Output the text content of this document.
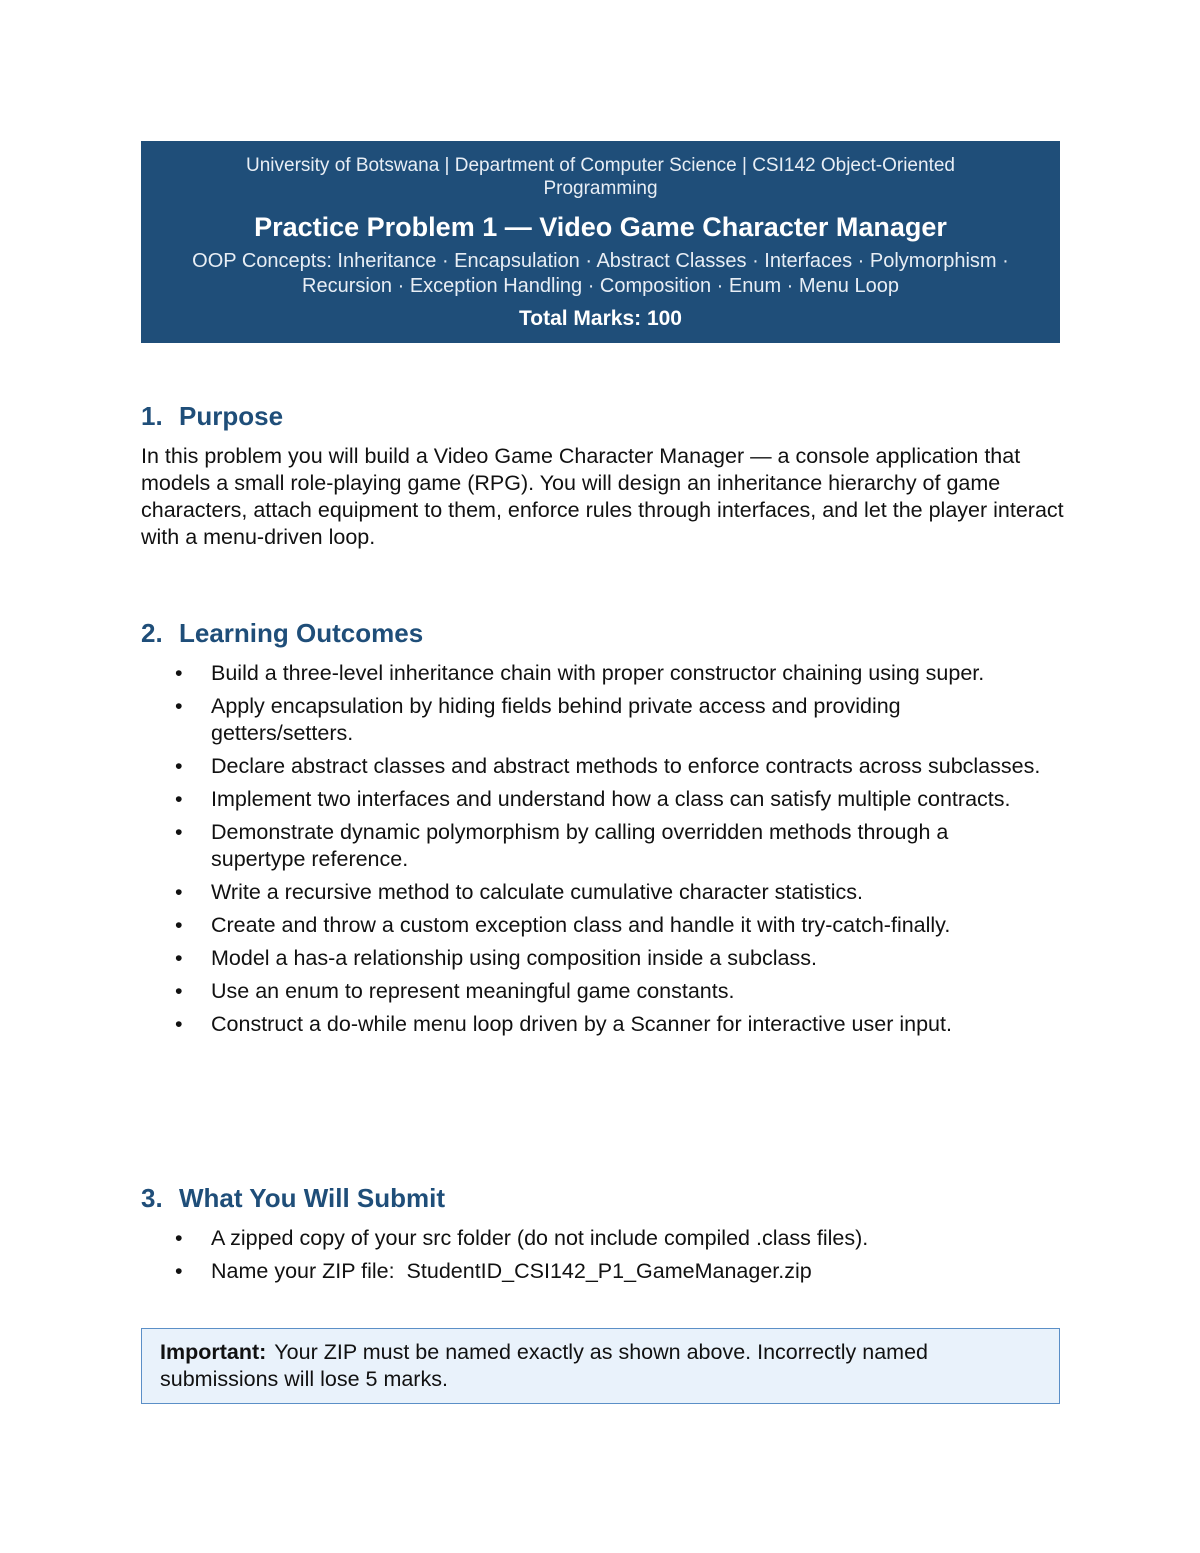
University of Botswana | Department of Computer Science | CSI142 Object-Oriented Programming
Practice Problem 1 — Video Game Character Manager
OOP Concepts: Inheritance · Encapsulation · Abstract Classes · Interfaces · Polymorphism · Recursion · Exception Handling · Composition · Enum · Menu Loop
Total Marks: 100
1. Purpose

In this problem you will build a Video Game Character Manager — a console application that models a small role-playing game (RPG). You will design an inheritance hierarchy of game characters, attach equipment to them, enforce rules through interfaces, and let the player interact with a menu-driven loop.

2. Learning Outcomes
• Build a three-level inheritance chain with proper constructor chaining using super.
• Apply encapsulation by hiding fields behind private access and providing getters/setters.
• Declare abstract classes and abstract methods to enforce contracts across subclasses.
• Implement two interfaces and understand how a class can satisfy multiple contracts.
• Demonstrate dynamic polymorphism by calling overridden methods through a supertype reference.
• Write a recursive method to calculate cumulative character statistics.
• Create and throw a custom exception class and handle it with try-catch-finally.
• Model a has-a relationship using composition inside a subclass.
• Use an enum to represent meaningful game constants.
• Construct a do-while menu loop driven by a Scanner for interactive user input.
3. What You Will Submit
• A zipped copy of your src folder (do not include compiled .class files).
• Name your ZIP file:  StudentID_CSI142_P1_GameManager.zip
Important: Your ZIP must be named exactly as shown above. Incorrectly named submissions will lose 5 marks.
